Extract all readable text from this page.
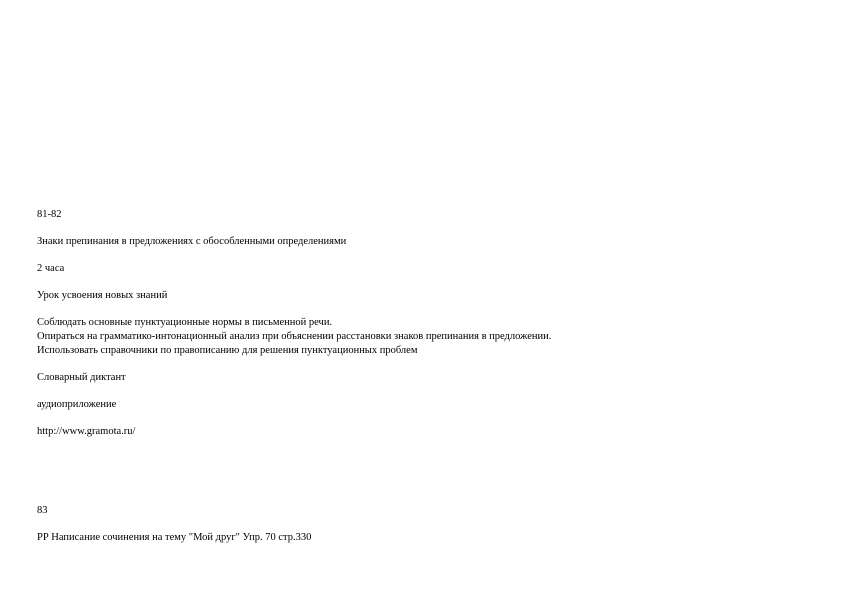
81-82
Знаки препинания в предложениях с обособленными определениями
2 часа
Урок усвоения новых знаний
Соблюдать основные пунктуационные нормы в письменной речи.
Опираться на грамматико-интонационный анализ при объяснении расстановки знаков препинания в предложении.
Использовать справочники по правописанию для решения пунктуационных проблем
Словарный диктант
аудиоприложение
http://www.gramota.ru/
83
РР Написание сочинения на тему "Мой друг" Упр. 70 стр.330
